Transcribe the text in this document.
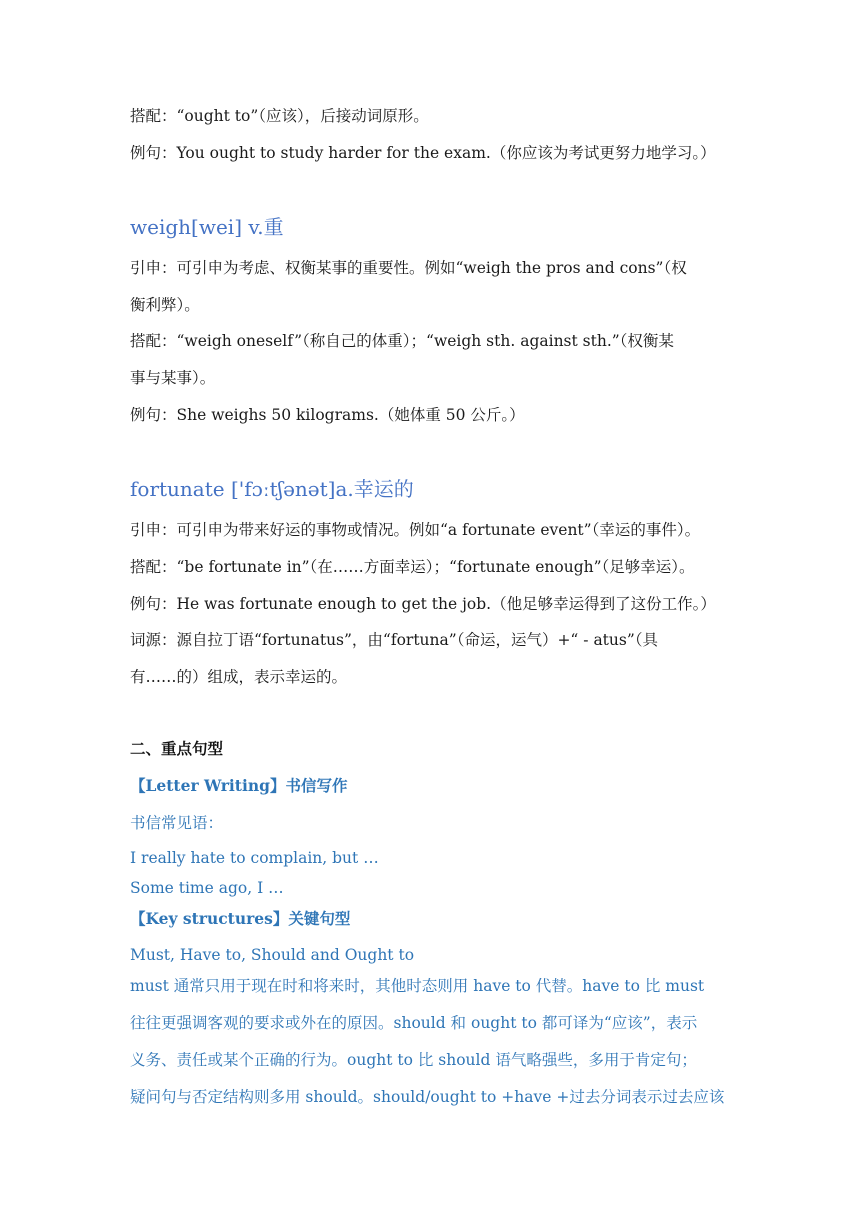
搭配：“ought to”（应该），后接动词原形。
例句：You ought to study harder for the exam.（你应该为考试更努力地学习。）
weigh[wei] v.重
引申：可引申为考虑、权衡某事的重要性。例如“weigh the pros and cons”（权
衡利弊）。
搭配：“weigh oneself”（称自己的体重）；“weigh sth. against sth.”（权衡某
事与某事）。
例句：She weighs 50 kilograms.（她体重 50 公斤。）
fortunate ['fɔːtʃənət]a.幸运的
引申：可引申为带来好运的事物或情况。例如“a fortunate event”（幸运的事件）。
搭配：“be fortunate in”（在……方面幸运）；“fortunate enough”（足够幸运）。
例句：He was fortunate enough to get the job.（他足够幸运得到了这份工作。）
词源：源自拉丁语“fortunatus”，由“fortuna”（命运，运气）+“ - atus”（具
有……的）组成，表示幸运的。
二、重点句型
【Letter Writing】书信写作
书信常见语：
I really hate to complain, but …
Some time ago, I …
【Key structures】关键句型
Must, Have to, Should and Ought to
must 通常只用于现在时和将来时，其他时态则用 have to 代替。have to 比 must
往往更强调客观的要求或外在的原因。should 和 ought to 都可译为“应该”，表示
义务、责任或某个正确的行为。ought to 比 should 语气略强些，多用于肯定句；
疑问句与否定结构则多用 should。should/ought to +have +过去分词表示过去应该
